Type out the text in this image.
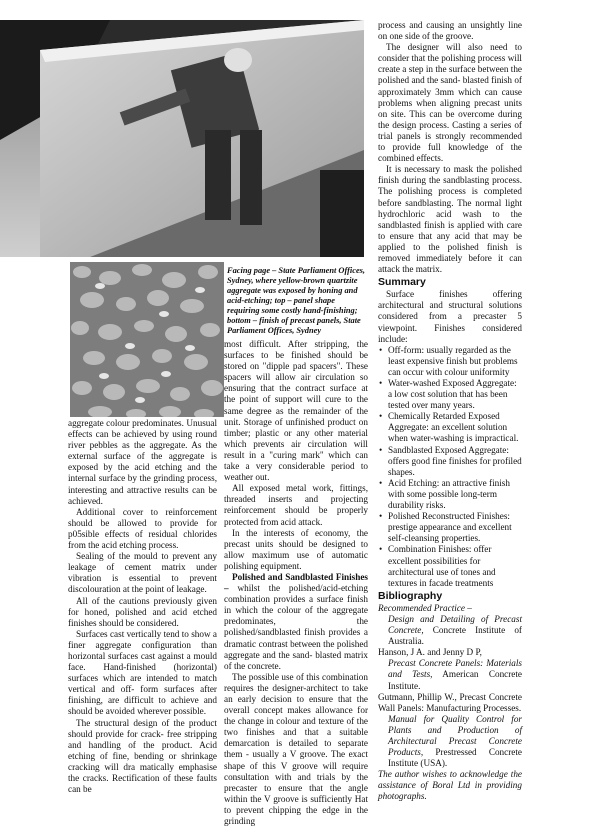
Facing page – State Parliament Offices, Sydney, where yellow-brown quartzite aggregate was exposed by honing and acid-etching; top – panel shape requiring some costly hand-finishing; bottom – finish of precast panels, State Parliament Offices, Sydney

aggregate colour predominates. Unusual effects can be achieved by using round river pebbles as the aggregate. As the external surface of the aggregate is exposed by the acid etching and the internal surface by the grinding process, interesting and attractive results can be achieved.

Additional cover to reinforcement should be allowed to provide for p05sible effects of residual chlorides from the acid etching process.

Sealing of the mould to prevent any leakage of cement matrix under vibration is essential to prevent discolouration at the point of leakage.

All of the cautions previously given for honed, polished and acid etched finishes should be considered.

Surfaces cast vertically tend to show a finer aggregate configuration than horizontal surfaces cast against a mould face. Hand-finished (horizontal) surfaces which are intended to match vertical and off- form surfaces after finishing, are difficult to achieve and should be avoided wherever possible.

The structural design of the product should provide for crack- free stripping and handling of the product. Acid etching of fine, bending or shrinkage cracking will dra matically emphasise the cracks. Rectification of these faults can be

most difficult. After stripping, the surfaces to be finished should be stored on "dipple pad spacers". These spacers will allow air circulation so ensuring that the contract surface at the point of support will cure to the same degree as the remainder of the unit. Storage of unfinished product on timber; plastic or any other material which prevents air circulation will result in a "curing mark" which can take a very considerable period to weather out.

All exposed metal work, fittings, threaded inserts and projecting reinforcement should be properly protected from acid attack.

In the interests of economy, the precast units should be designed to allow maximum use of automatic polishing equipment.

Polished and Sandblasted Finishes – whilst the polished/acid-etching combination provides a surface finish in which the colour of the aggregate predominates, the polished/sandblasted finish provides a dramatic contrast between the polished aggregate and the sand- blasted matrix of the concrete.

The possible use of this combination requires the designer-architect to take an early decision to ensure that the overall concept makes allowance for the change in colour and texture of the two finishes and that a suitable demarcation is detailed to separate them - usually a V groove. The exact shape of this V groove will require consultation with and trials by the precaster to ensure that the angle within the V groove is sufficiently Hat to prevent chipping the edge in the grinding

process and causing an unsightly line on one side of the groove.

The designer will also need to consider that the polishing process will create a step in the surface between the polished and the sand- blasted finish of approximately 3mm which can cause problems when aligning precast units on site. This can be overcome during the design process. Casting a series of trial panels is strongly recommended to provide full knowledge of the combined effects.

It is necessary to mask the polished finish during the sandblasting process. The polishing process is completed before sandblasting. The normal light hydrochloric acid wash to the sandblasted finish is applied with care to ensure that any acid that may be applied to the polished finish is removed immediately before it can attack the matrix.

Summary

Surface finishes offering architectural and structural solutions considered from a precaster 5 viewpoint. Finishes considered include:

• Off-form: usually regarded as the least expensive finish but problems can occur with colour uniformity
• Water-washed Exposed Aggregate: a low cost solution that has been tested over many years.
• Chemically Retarded Exposed Aggregate: an excellent solution when water-washing is impractical.
• Sandblasted Exposed Aggregate: offers good fine finishes for profiled shapes.
• Acid Etching: an attractive finish with some possible long-term durability risks.
• Polished Reconstructed Finishes: prestige appearance and excellent self-cleansing properties.
• Combination Finishes: offer excellent possibilities for architectural use of tones and textures in facade treatments
Bibliography

Recommended Practice –

Design and Detailing of Precast Concrete, Concrete Institute of Australia.

Hanson, J A. and Jenny D P,

Precast Concrete Panels: Materials and Tests, American Concrete Institute.

Gutmann, Phillip W., Precast Concrete Wall Panels: Manufacturing Processes.

Manual for Quality Control for Plants and Production of Architectural Precast Concrete Products, Prestressed Concrete Institute (USA).

The author wishes to acknowledge the assistance of Boral Ltd in providing photographs.
